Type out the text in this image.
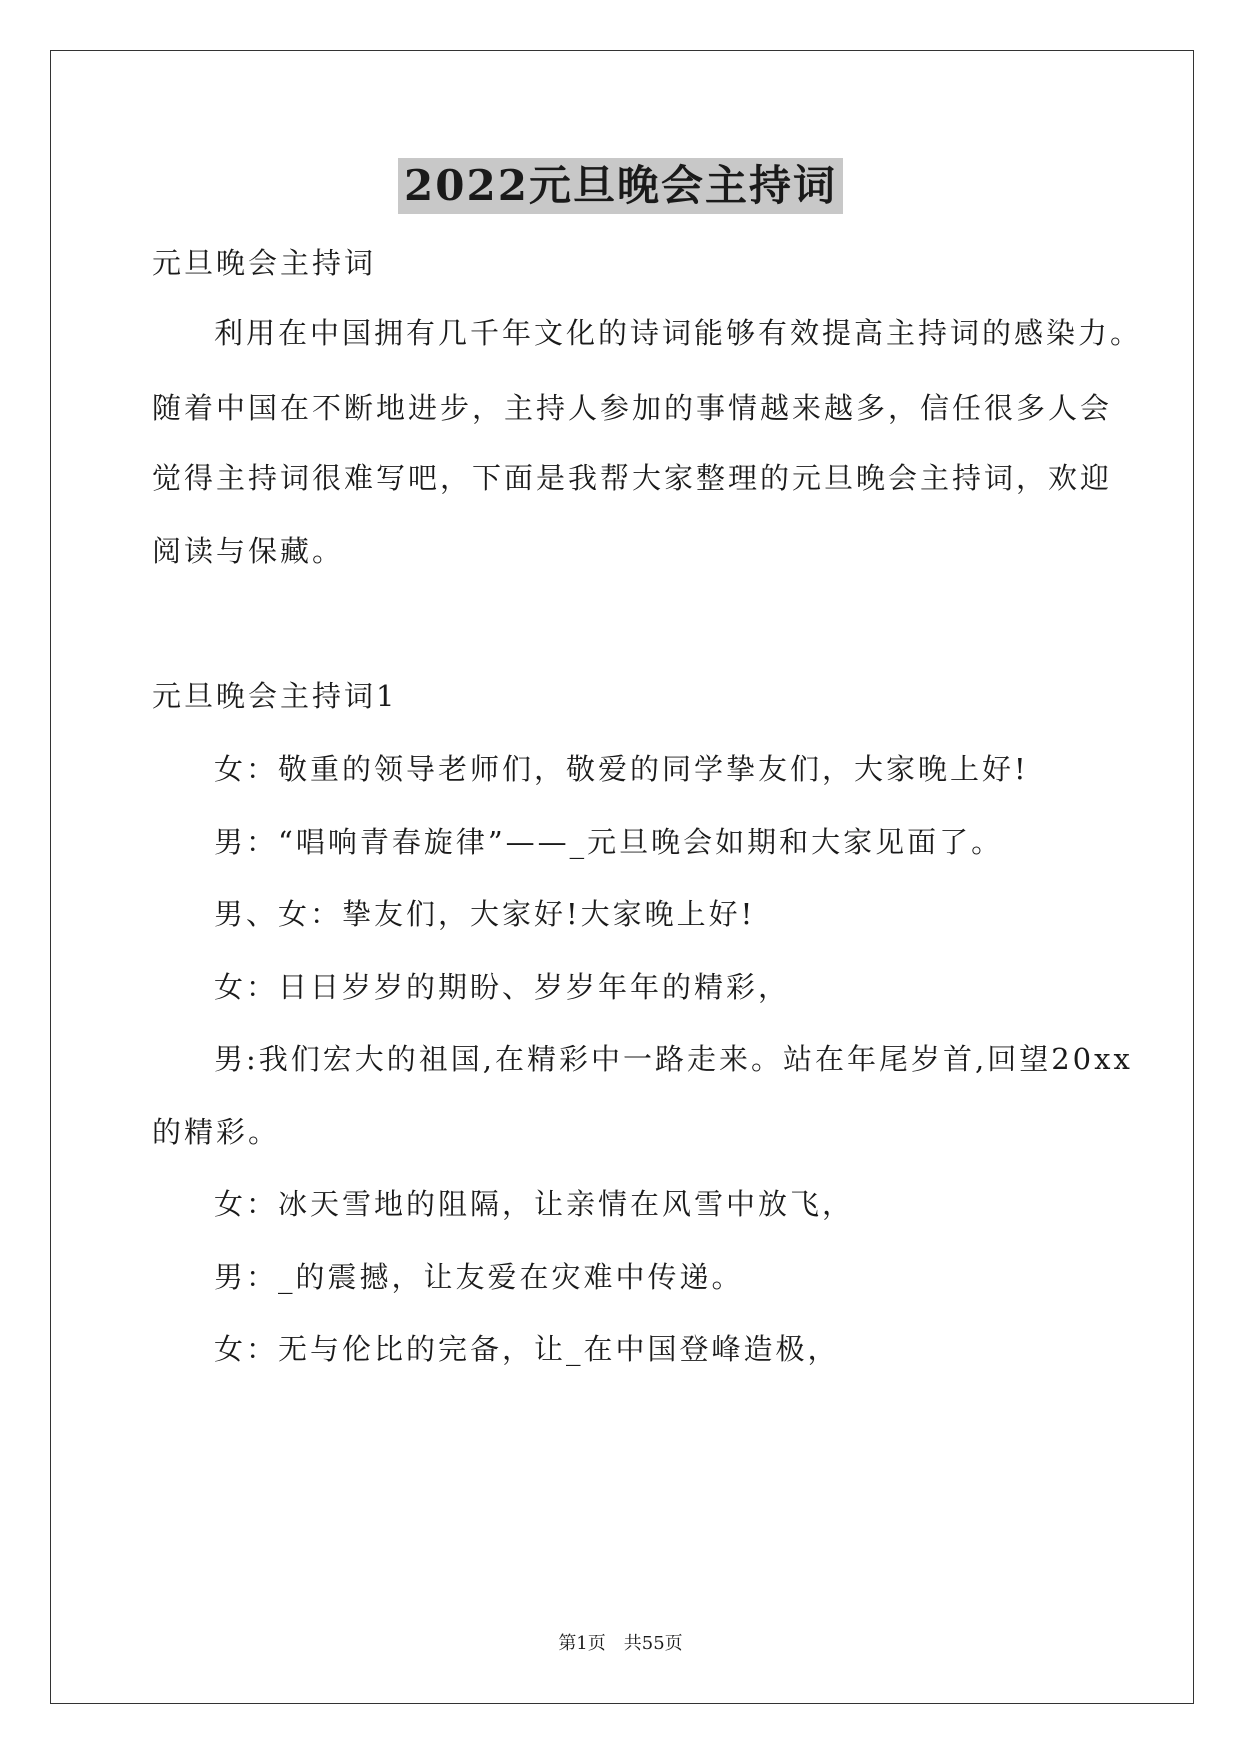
2022元旦晚会主持词
元旦晚会主持词
利用在中国拥有几千年文化的诗词能够有效提高主持词的感染力。
随着中国在不断地进步，主持人参加的事情越来越多，信任很多人会
觉得主持词很难写吧，下面是我帮大家整理的元旦晚会主持词，欢迎
阅读与保藏。
元旦晚会主持词1
女：敬重的领导老师们，敬爱的同学挚友们，大家晚上好!
男：“唱响青春旋律”——_元旦晚会如期和大家见面了。
男、女：挚友们，大家好!大家晚上好!
女：日日岁岁的期盼、岁岁年年的精彩，
男:我们宏大的祖国,在精彩中一路走来。站在年尾岁首,回望20xx
的精彩。
女：冰天雪地的阻隔，让亲情在风雪中放飞，
男：_的震撼，让友爱在灾难中传递。
女：无与伦比的完备，让_在中国登峰造极，
第1页　共55页
